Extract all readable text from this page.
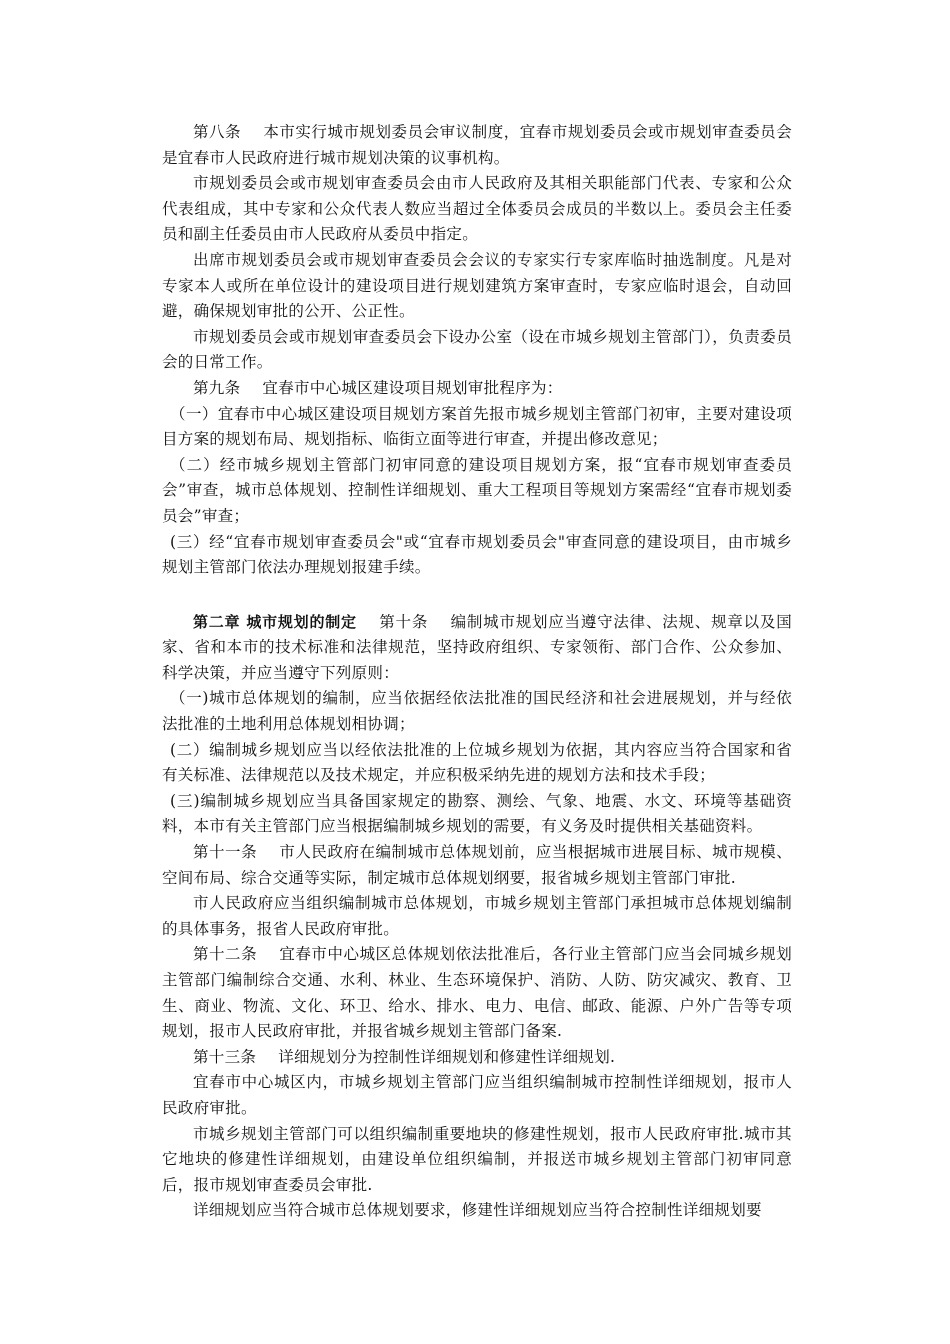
第八条 本市实行城市规划委员会审议制度，宜春市规划委员会或市规划审查委员会是宜春市人民政府进行城市规划决策的议事机构。

市规划委员会或市规划审查委员会由市人民政府及其相关职能部门代表、专家和公众代表组成，其中专家和公众代表人数应当超过全体委员会成员的半数以上。委员会主任委员和副主任委员由市人民政府从委员中指定。

出席市规划委员会或市规划审查委员会会议的专家实行专家库临时抽选制度。凡是对专家本人或所在单位设计的建设项目进行规划建筑方案审查时，专家应临时退会，自动回避，确保规划审批的公开、公正性。

市规划委员会或市规划审查委员会下设办公室（设在市城乡规划主管部门），负责委员会的日常工作。

第九条 宜春市中心城区建设项目规划审批程序为：

（一）宜春市中心城区建设项目规划方案首先报市城乡规划主管部门初审，主要对建设项目方案的规划布局、规划指标、临街立面等进行审查，并提出修改意见；

（二）经市城乡规划主管部门初审同意的建设项目规划方案，报“宜春市规划审查委员会”审查，城市总体规划、控制性详细规划、重大工程项目等规划方案需经“宜春市规划委员会”审查；

(三）经“宜春市规划审查委员会"或“宜春市规划委员会"审查同意的建设项目，由市城乡规划主管部门依法办理规划报建手续。

第二章 城市规划的制定 第十条 编制城市规划应当遵守法律、法规、规章以及国家、省和本市的技术标准和法律规范，坚持政府组织、专家领衔、部门合作、公众参加、科学决策，并应当遵守下列原则：

（一)城市总体规划的编制，应当依据经依法批准的国民经济和社会进展规划，并与经依法批准的土地利用总体规划相协调；

(二）编制城乡规划应当以经依法批准的上位城乡规划为依据，其内容应当符合国家和省有关标准、法律规范以及技术规定，并应积极采纳先进的规划方法和技术手段；

(三)编制城乡规划应当具备国家规定的勘察、测绘、气象、地震、水文、环境等基础资料，本市有关主管部门应当根据编制城乡规划的需要，有义务及时提供相关基础资料。

第十一条 市人民政府在编制城市总体规划前，应当根据城市进展目标、城市规模、空间布局、综合交通等实际，制定城市总体规划纲要，报省城乡规划主管部门审批.

市人民政府应当组织编制城市总体规划，市城乡规划主管部门承担城市总体规划编制的具体事务，报省人民政府审批。

第十二条 宜春市中心城区总体规划依法批准后，各行业主管部门应当会同城乡规划主管部门编制综合交通、水利、林业、生态环境保护、消防、人防、防灾减灾、教育、卫生、商业、物流、文化、环卫、给水、排水、电力、电信、邮政、能源、户外广告等专项规划，报市人民政府审批，并报省城乡规划主管部门备案.

第十三条 详细规划分为控制性详细规划和修建性详细规划.

宜春市中心城区内，市城乡规划主管部门应当组织编制城市控制性详细规划，报市人民政府审批。

市城乡规划主管部门可以组织编制重要地块的修建性规划，报市人民政府审批.城市其它地块的修建性详细规划，由建设单位组织编制，并报送市城乡规划主管部门初审同意后，报市规划审查委员会审批.

详细规划应当符合城市总体规划要求，修建性详细规划应当符合控制性详细规划要
